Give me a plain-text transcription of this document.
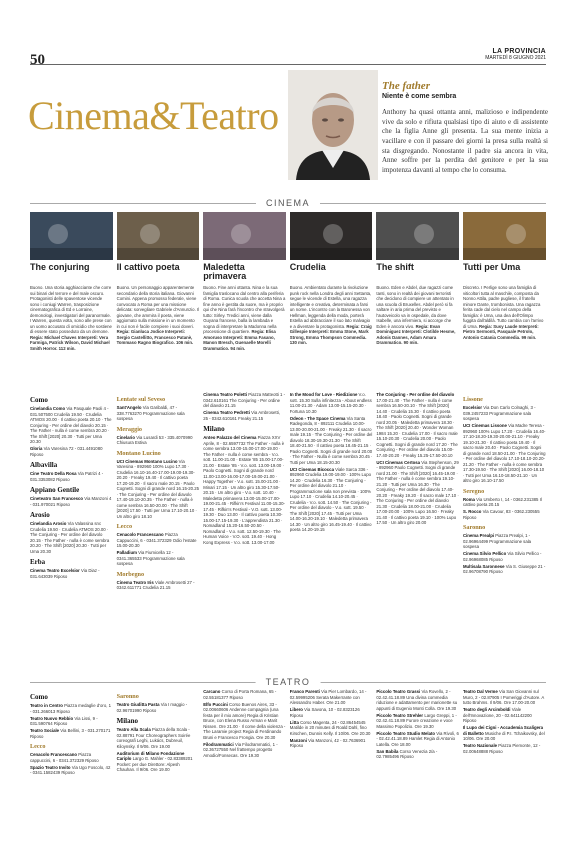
50
LA PROVINCIA
MARTEDÌ 8 GIUGNO 2021
Cinema&Teatro
The father
Niente è come sembra
Anthony ha quasi ottanta anni, malizioso e indipendente vive da solo e rifiuta qualsiasi tipo di aiuto e di assistente che la figlia Anne gli presenta. La sua mente inizia a vacillare e con il passare dei giorni la presa sulla realtà si sta disgregando. Nonostante il padre sia ancora in vita, Anne soffre per la perdita del genitore e per la sua impotenza davanti al tempo che lo consuma.
CINEMA
The conjuring
Buono. Una storia agghiacciante che corre sui binari del terrore e del male oscuro. Protagonisti delle spaventose vicende sono i coniugi Warren, trasposizione cinematografica di Ed e Lorraine, demonologi, investigatori del paranormale. I Warren, questa volta, sono alle prese con un uomo accusato di omicidio che sostiene di essere stato posseduto da un demone. Regia: Michael Chaves Interpreti: Vera Farmiga, Patrick Wilson, David Michael Smith Horror. 112 min.
Il cattivo poeta
Buono. Un personaggio apparentemente secondario della storia italiana. Giovanni Comini. Appena promosso federale, viene convocato a Roma per una missione delicata: sorvegliare Gabriele d'Annunzio. Il giovane, che ammira il poeta, viene aggiornato sulla missione in un momento in cui non è facile compiere i suoi doveri. Regia: Gianluca Jodice Interpreti: Sergio Castellitto, Francesco Patanè, Tommaso Ragno Biografico. 106 min.
Maledetta primavera
Buono. Fine anni ottanta. Nina e la sua famiglia traslocano dal centro alla periferia di Roma. Cunica scuola che accetta Nina a fine anno è gestita da suore, ma è proprio qui che Nina farà l'incontro che stravolgerà tutto: Sirley. Tredici anni, viene dalla Guyana francese, balla la lambada e sogna di interpretare la Madonna nella processione di quartiere. Regia: Elisa Amoruso Interpreti: Emma Fasano, Manon Bresch, Guenaelle Morelli Drammatico. 94 min.
Crudelia
Buono. Ambientato durante la rivoluzione punk rock nella Londra degli anni Settanta, segue le vicende di Estella, una ragazza intelligente e creativa, determinata a farsi un nome. L'incontro con la Baronessa von Hellman, leggenda della moda, porterà Estella ad abbracciare il suo lato malvagio e a diventare la protagonista. Regia: Craig Gillespie Interpreti: Emma Stone, Mark Strong, Emma Thompson Commedia. 130 min.
The shift
Buono. Eden e Abdel, due ragazzi come tanti, sono in realtà dei giovani terroristi che decidono di compiere un attentato in una scuola di Bruxelles. Abdel però si fa saltare in aria prima del previsto e l'autoveicolo va in ospedale, da dove Isabelle, una infermiera, si accorge che Eden è ancora vivo. Regia: Evan Dominiguez Interpreti: Clotilde Hesme, Adonis Dannes, Adam Amara Drammatico. 90 min.
Tutti per Uma
Discreto. I Perlige sono una famiglia di viticoltori tutta al maschile, composta da Nonno Attila, padre pugliese, il fratello minore Dante, trombonista. Una ragazza ferita cade dal cielo nel campo della famiglia: è Uma, una dea dell'Olimpo fuggita dall'aldilà. Tutto cambia con l'arrivo di Uma. Regia: Susy Laude Interpreti: Pietro Sermonti, Pasquale Petrolo, Antonio Catania Commedia. 99 min.
Como
Cinelandia Como Via Pasquale Paoli 4 - 031.507500 Crudelia 19.50 · Crudelia ATMOS 20.00 · Il cattivo poeta 20.10 · The Conjuring - Per ordine del diavolo 20.15 · The Father - nulla è come sembra 20.20 · The Shift [2020] 20.30 · Tutti per Uma 20.30
Gloria Via Varesina 72 - 031.4491080 Riposo
Albavilla
Cine Teatro Della Rosa Via Patrizi 4 - 031.3353082 Riposo
Appiano Gentile
Cineteatro San Francesco Via Manzoni 4 - 031.970021 Riposo
Arosio
Cinelandia Arosio Via Valassina snc Crudelia 19.50 · Crudelia ATMOS 20.00 · The Conjuring - Per ordine del diavolo 20.15 · The Father - nulla è come sembra 20.20 · The Shift [2020] 20.30 · Tutti per Uma 20.30
Erba
Cinema Teatro Excelsior Via Diaz - 031.643039 Riposo
Lentate sul Seveso
Sant'Angelo Via Garibaldi, 47 - 338.7763270 Programmazione sala sospesa
Meraggio
Cinelario Via Lusardi 53 - 335.4070990 Chiusura Estiva
Montano Lucino
UCI Cinemas Montano Lucino Via Varesina - 892960 100% Lupo 17.30 · Crudelia 16.10-16.40-17.00-19.00-19.30-20.20 · Freaky 19.40 · Il cattivo poeta 17.20-19.20 · Il sacro male 20.15 · Paolo Cognetti. Sogni di grande nord 16.15-20.25 · The Conjuring - Per ordine del diavolo 17.40-19.10-20.35 · The Father - nulla è come sembra 16.50-20.00 · The Shift [2020] 17.50 · Tutti per Uma 17.10-20.10 · Un altro giro 18.10
Lecco
Cenacolo Francescano Piazza Cappuccini, 6 - 0341.372329 Odio l'estate 15.00-20.30
Palladium Via Fiumicella 12 - 0341.365533 Programmazione sala sospesa
Morbegno
Cinema Teatro Iris Viale Ambrosetti 27 - 0342.611771 Crudelia 21.15
Cinema Teatro Poletti Piazza Matteotti 1 - 0342.610161 The Conjuring - Per ordine del diavolo 21.15
Cinema Teatro Pedretti Via Ambrosetti, 25 - 0342.610161 Freaky 21.15
Milano
Anteo Palazzo del Cinema Piazza XXV Aprile, 8 - 02.6597732 The Father - nulla è come sembra 13.00-15.00-17.00-19.00 · The Father - nulla è come sembra - V.o. sott. 11.00-21.00 · Estate '85 15.00-17.00-21.00 · Estate '85 - V.o. sott. 13.00-19.00 · Paolo Cognetti. Sogni di grande nord 11.00-13.00-16.00-17.00-19.00-21.00 · Happy Together - V.o. sott. 15.00-21.00 · Minari 17.15 · Un altro giro 15.30-17.50-20.15 · Un altro giro - V.o. sott. 10.40 · Maledetta primavera 13.00-15.00-17.00-19.00-21.45 · Rifkin's Festival 11.00-15.30-17.45 · Rifkin's Festival - V.O. sott. 13.00-19.30 · Duo 13.00 · Il cattivo poeta 10.30-15.00-17.15-19.30 · L'apprendista 21.30 · Nomadland 15.20-16.50-20.50 · Nomadland - V.o. sott. 12.50-19.30 · The Human Voice - V.O. sott. 19.40 · Hong Kong Express - V.o. sott. 13.00-17.00
In the Mood for Love - Riedizione V.o. sott. 15.30 Sulla infinitezza - About endless 11.00-21.30 · Adam 13.00-15.15-20.30 · Fortuna 10.30
Odeon - The Space Cinema Via Santa Radegonda, 8 - 892111 Crudelia 10.00-13.00-20.00-21.00 · Freaky 21.30 · Il sacro male 19.15 · The Conjuring - Per ordine del diavolo 18.30-19.30-21.30 · The Shift 18.40-21.50 · Il cattivo poeta 18.45-21.15 · Paolo Cognetti. Sogni di grande nord 20.00 · The Father - Nulla è come sembra 20.45 · Tutti per Uma 18.15-20.30
UCI Cinemas Bicocca Viale Sarca 336 - 892960 Crudelia 19.00-19.00 · 100% Lupo 14.20 · Crudelia 16.30 · The Conjuring - Per ordine del diavolo 21.10 · Programmazione sala non prevista · 100% Lupo 17.10 · Crudelia 14.10-20.45 · Crudelia - V.o. sott. 14.50 · The Conjuring - Per ordine del diavolo - V.o. sott. 19.50 · The Shift [2020] 17.45 · Tutti per Uma 14.00-16.20-19.10 · Maledetta primavera 14.30 · Un altro giro 16.45-19.40 · Il cattivo poeta 14.20-19.15
The Conjuring - Per ordine del diavolo 17.00-21.40 · The Father - nulla è come sembra 16.50-20.10 · The Shift [2020] 14.40 · Crudelia 15.30 · Il cattivo poeta 18.40 · Paolo Cognetti. Sogni di grande nord 20.05 · Maledetta primavera 18.30 · The Shift [2020] 20.40 · Wonder Woman 1984 15.20 · Crudelia 17.00 · Il sacro male 15.10-20.30 · Crudelia 20.00 · Paolo Cognetti. Sogni di grande nord 17.20 · The Conjuring - Per ordine del diavolo 15.00-17.40-20.20 · Freaky 15.25-17.50-20.10
UCI Cinemas Certosa Via Stephenson, 29 - 892960 Paolo Cognetti. Sogni di grande nord 21.00 · The Shift [2020] 16.45-19.00 · The Father - nulla è come sembra 19.10-21.20 · Tutti per Uma 16.30 · The Conjuring - Per ordine del diavolo 17.40-20.20 · Freaky 19.20 · Il sacro male 17.10 · The Conjuring - Per ordine del diavolo 21.30 · Crudelia 18.00-21.00 · Crudelia 17.00-20.00 · 100% Lupo 16.50 · Freaky 21.40 · Il cattivo poeta 19.10 · 100% Lupo 17.50 · Un altro giro 20.00
Lissone
Excelsior Via Don Carlo Colnaghi, 3 - 039.2457233 Programmazione sala sospesa
UCI Cinemas Lissone Via Madre Teresa - 892960 100% Lupo 17.20 · Crudelia 16.40-17.10-18.20-19.30-20.00-21.10 · Freaky 19.10-21.30 · Il cattivo poeta 19.40 · Il sacro male 20.40 · Paolo Cognetti. Sogni di grande nord 18.50-21.00 · The Conjuring - Per ordine del diavolo 17.10-18.10-20.20-21.20 · The Father - nulla è come sembra 17.30-19.50 · The Shift [2020] 16.00-18.10 · Tutti per Uma 16.10-18.50-21.10 · Un altro giro 16.10-17.50
Seregno
Roma Via Umberto I, 14 - 0362.231385 Il cattivo poeta 20.15
S. Rocco Via Cavour, 83 - 0362.230555 Riposo
Saronno
Cinema Prealpi Piazza Prealpi, 1 - 02.96964499 Programmazione sala sospesa
Cinema Silvio Pellico Via Silvio Pellico - 02.96968085 Riposo
Multisala Saronnese Via S. Giuseppe 21 - 02.96708790 Riposo
TEATRO
Como
Teatro in Centro Piazza medaglie d'oro, 1 - 031.266013 Riposo
Teatro Nuovo Rebbio Via Lissi, 9 - 031.590764 Riposo
Teatro Sociale Via Bellini, 3 - 031.270171 Riposo
Lecco
Cenacolo Francescano Piazza cappuccini, 6 - 0341.372329 Riposo
Spazio Teatro Invito Via Ugo Foscolo, 42 - 0341.1582439 Riposo
Saronno
Teatro Giuditta Pasta Via I maggio - 02.96701990 Riposo
Milano
Teatro Alla Scala Piazza della Scala - 02.88791 Four Choreographers Soirée coreografi Leghi, Lukács, Dubreuil, Kiloynsky. Il 9/06. Ore 19.00
Auditorium di Milano Fondazione Cariplo Largo G. Mahler - 02.83389201 Pocket: per due Direttore: Alpesh Chauhan. Il 9/06. Ore 19.00
Carcano Corso di Porta Romana, 65 - 02.55181377 Riposo
Elfo Puccini Corso Buenos Aires, 33 - 02.00660606 Andenne compagnia (una festa per il mio amore) Regia di Kristian Bruce, con Elena Russo Arman e Marit Nissen. Ore 21.00 · Il come della violenza - The Laramie project Regia di Ferdinando Bruni e Francesco Frongia. Ore 20.30
Filodrammatici Via Filodrammatici, 1 - 02.36727550 Nel frattempo progetto Amodio/Fonsecas. Ore 19.30
Franco Parenti Via Pier Lombardo, 14 - 02.59995206 Serata Makerrante con Alessandro Haber. Ore 21.00
Libero Via Savona, 10 - 02.8323126 Riposo
Litta Corso Magenta, 24 - 02.86454545 Matilde in 20 minutes di Roald Dahl, fino Kirschen, Dunnis Kelly. Il 10/06. Ore 20.30
Manzoni Via Manzoni, 42 - 02.7636901 Riposo
Piccolo Teatro Grassi Via Rovello, 2 - 02.42.41.18.89 Una divina commedia riduzione e adattamento per marionette su appunti di Eugenio Monti Colla. Ore 19.30
Piccolo Teatro Strehler Largo Greppi, 1 - 02.42.41.18.89 Furore creazione e voce Massimo Popolizio. Ore 19.30
Piccolo Teatro Studio Melato Via Rivoli, 6 - 02.42.41.18.89 Hamlet Regia di Antonio Latella. Ore 18.00
San Babila Corso Venezia 2/a - 02.7985496 Riposo
Teatro Dal Verme Via San Giovanni sul Muro, 2 - 02.87905 I Pomeriggi d'Autore. A tutto Brahms. Il 9/06. Ore 17.00-20.00
Teatro degli Arcimboldi Viale dell'Innovazione, 20 - 02.641142200 Riposo
Il Lupo dei Cigni - Accademia Scaligera di Balletto Musiche di P.I. Tchaikovsky, del 10/06. Ore 20.00
Teatro Nazionale Piazza Piemonte, 12 - 02.00648888 Riposo
